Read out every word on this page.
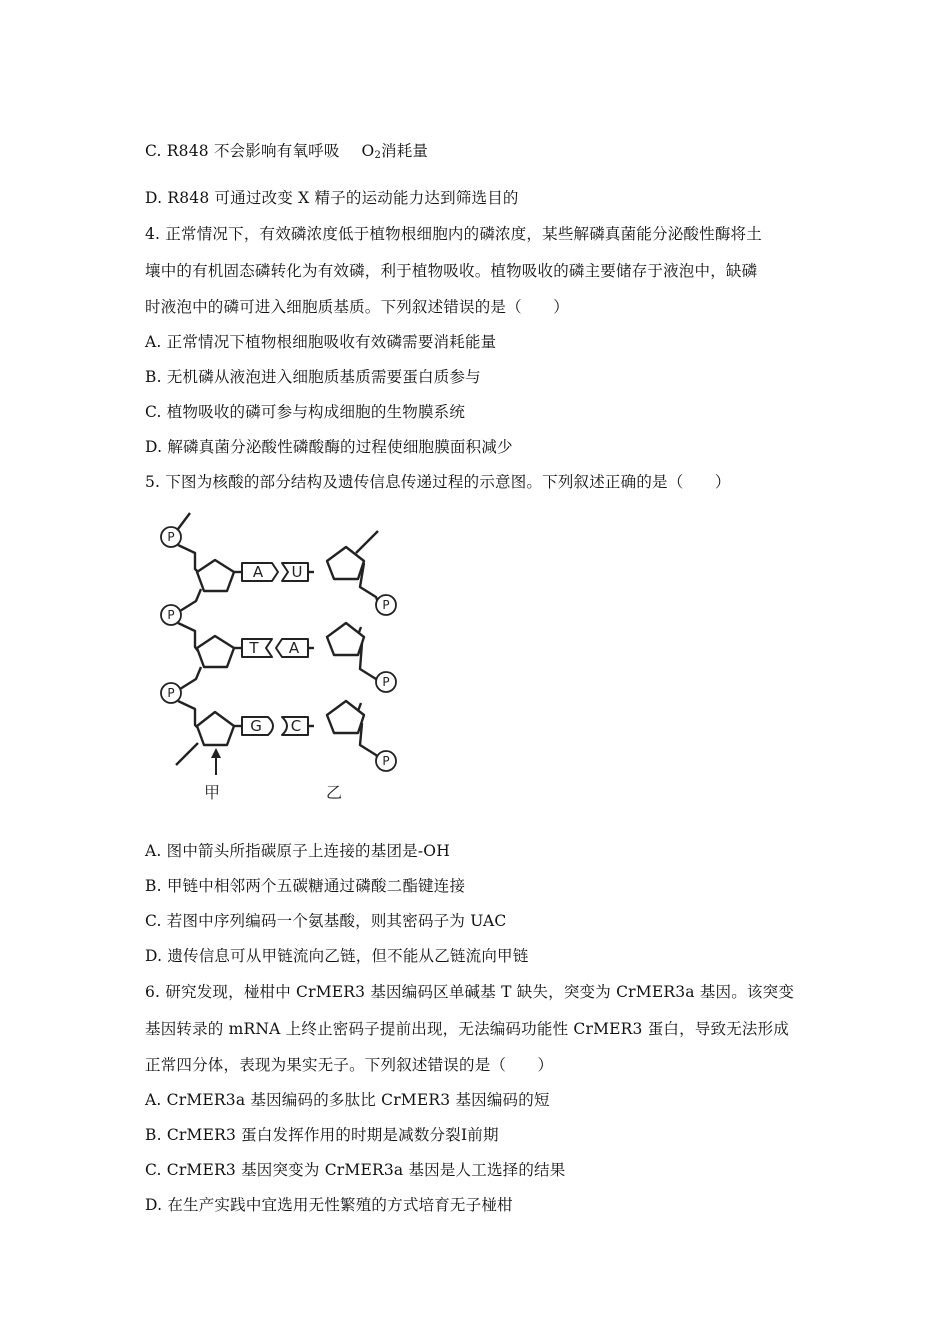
C. R848 不会影响有氧呼吸 $O_2$消耗量
D. R848 可通过改变 X 精子的运动能力达到筛选目的
4. 正常情况下，有效磷浓度低于植物根细胞内的磷浓度，某些解磷真菌能分泌酸性酶将土
壤中的有机固态磷转化为有效磷，利于植物吸收。植物吸收的磷主要储存于液泡中，缺磷
时液泡中的磷可进入细胞质基质。下列叙述错误的是（　　）
A. 正常情况下植物根细胞吸收有效磷需要消耗能量
B. 无机磷从液泡进入细胞质基质需要蛋白质参与
C. 植物吸收的磷可参与构成细胞的生物膜系统
D. 解磷真菌分泌酸性磷酸酶的过程使细胞膜面积减少
5. 下图为核酸的部分结构及遗传信息传递过程的示意图。下列叙述正确的是（　　）
P
P
P
P
P
P
A U
T A
G C
甲	乙
A. 图中箭头所指碳原子上连接的基团是-OH
B. 甲链中相邻两个五碳糖通过磷酸二酯键连接
C. 若图中序列编码一个氨基酸，则其密码子为 UAC
D. 遗传信息可从甲链流向乙链，但不能从乙链流向甲链
6. 研究发现，椪柑中 CrMER3 基因编码区单碱基 T 缺失，突变为 CrMER3a 基因。该突变
基因转录的 mRNA 上终止密码子提前出现，无法编码功能性 CrMER3 蛋白，导致无法形成
正常四分体，表现为果实无子。下列叙述错误的是（　　）
A. CrMER3a 基因编码的多肽比 CrMER3 基因编码的短
B. CrMER3 蛋白发挥作用的时期是减数分裂Ⅰ前期
C. CrMER3 基因突变为 CrMER3a 基因是人工选择的结果
D. 在生产实践中宜选用无性繁殖的方式培育无子椪柑
